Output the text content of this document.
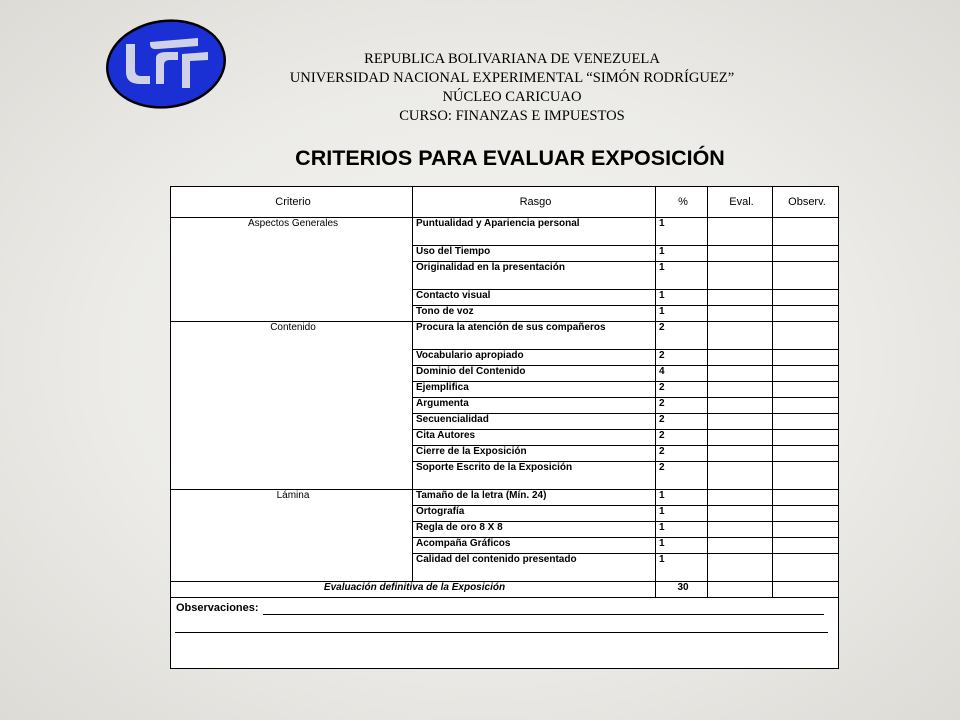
REPUBLICA BOLIVARIANA DE VENEZUELA
UNIVERSIDAD NACIONAL EXPERIMENTAL “SIMÓN RODRÍGUEZ”
NÚCLEO CARICUAO
CURSO: FINANZAS E IMPUESTOS
CRITERIOS PARA EVALUAR EXPOSICIÓN
Criterio	Rasgo	%	Eval.	Observ.
Aspectos Generales	Puntualidad y Apariencia personal	1		
	Uso del Tiempo	1		
	Originalidad en la presentación	1		
	Contacto visual	1		
	Tono de voz	1		
Contenido	Procura la atención de sus compañeros	2		
	Vocabulario apropiado	2		
	Dominio del Contenido	4		
	Ejemplifica	2		
	Argumenta	2		
	Secuencialidad	2		
	Cita Autores	2		
	Cierre de la Exposición	2		
	Soporte Escrito de la Exposición	2		
Lámina	Tamaño de la letra (Mín. 24)	1		
	Ortografía	1		
	Regla de oro 8 X 8	1		
	Acompaña Gráficos	1		
	Calidad del contenido presentado	1		
Evaluación definitiva de la Exposición		30		

Observaciones:				
